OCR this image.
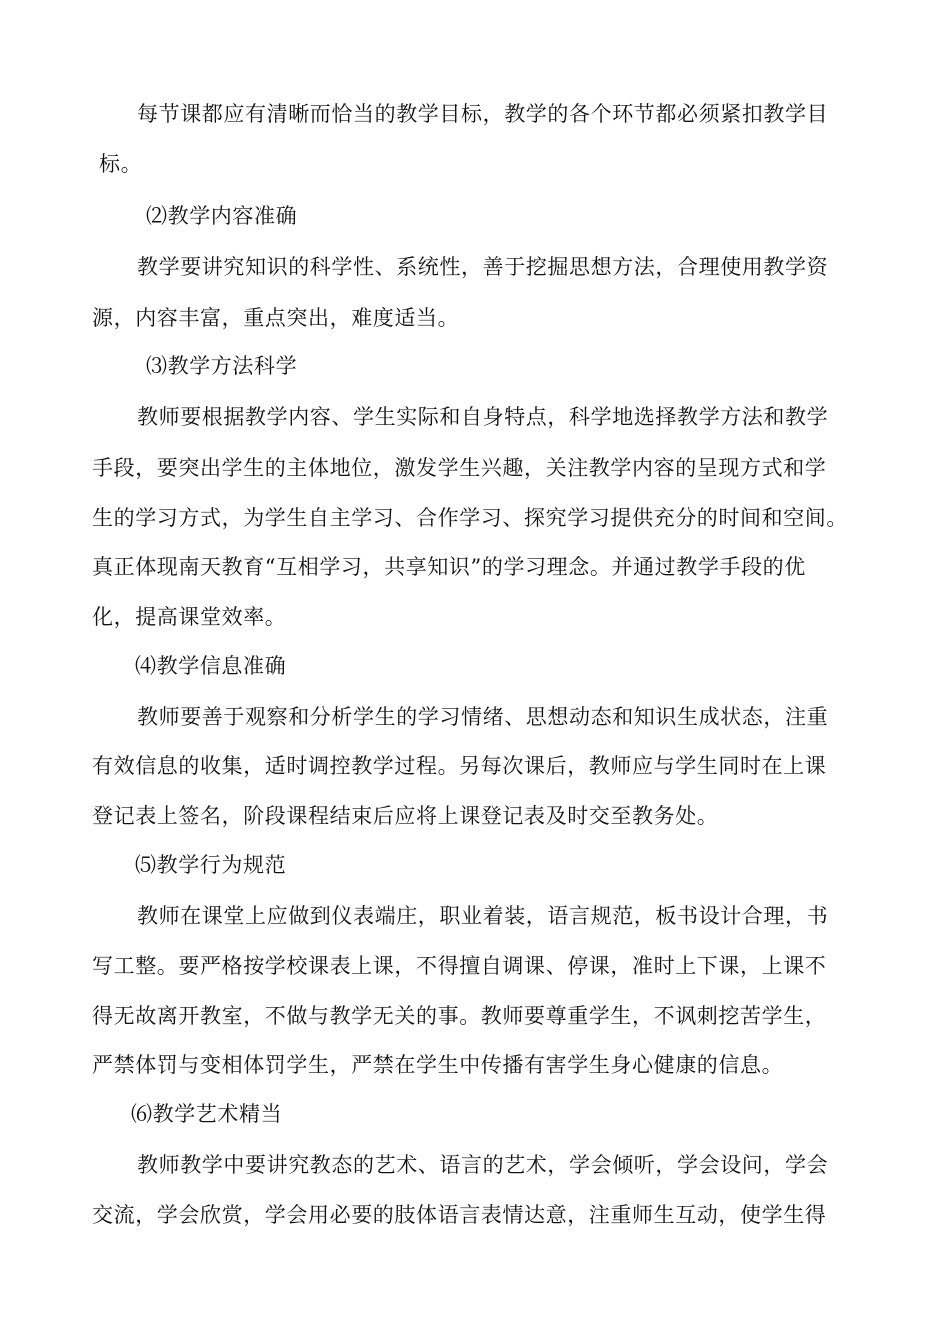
每节课都应有清晰而恰当的教学目标，教学的各个环节都必须紧扣教学目
标。
⑵教学内容准确
教学要讲究知识的科学性、系统性，善于挖掘思想方法，合理使用教学资
源，内容丰富，重点突出，难度适当。
⑶教学方法科学
教师要根据教学内容、学生实际和自身特点，科学地选择教学方法和教学
手段，要突出学生的主体地位，激发学生兴趣，关注教学内容的呈现方式和学
生的学习方式，为学生自主学习、合作学习、探究学习提供充分的时间和空间。
真正体现南天教育“互相学习，共享知识”的学习理念。并通过教学手段的优
化，提高课堂效率。
⑷教学信息准确
教师要善于观察和分析学生的学习情绪、思想动态和知识生成状态，注重
有效信息的收集，适时调控教学过程。另每次课后，教师应与学生同时在上课
登记表上签名，阶段课程结束后应将上课登记表及时交至教务处。
⑸教学行为规范
教师在课堂上应做到仪表端庄，职业着装，语言规范，板书设计合理，书
写工整。要严格按学校课表上课，不得擅自调课、停课，准时上下课，上课不
得无故离开教室，不做与教学无关的事。教师要尊重学生，不讽刺挖苦学生，
严禁体罚与变相体罚学生，严禁在学生中传播有害学生身心健康的信息。
⑹教学艺术精当
教师教学中要讲究教态的艺术、语言的艺术，学会倾听，学会设问，学会
交流，学会欣赏，学会用必要的肢体语言表情达意，注重师生互动，使学生得
